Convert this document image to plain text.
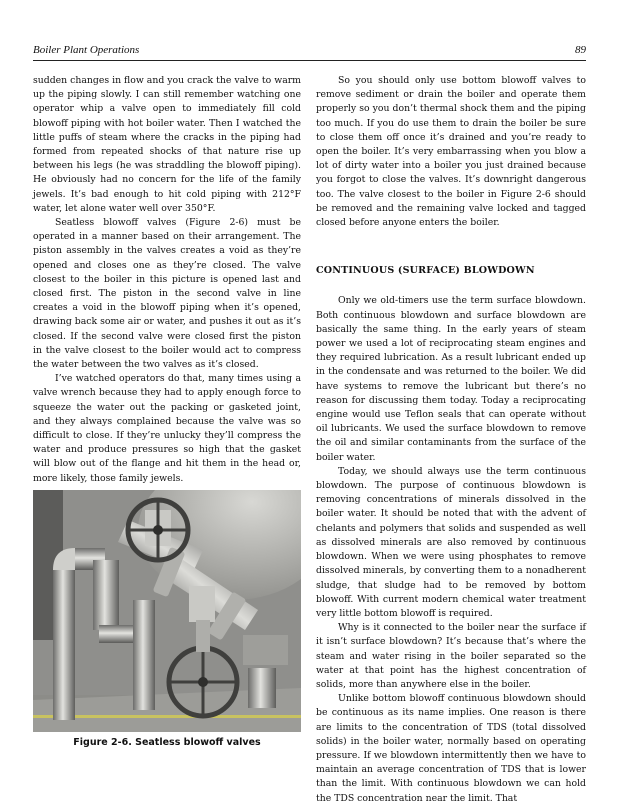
Boiler Plant Operations	89

sudden changes in flow and you crack the valve to warm up the piping slowly. I can still remember watching one operator whip a valve open to immediately fill cold blowoff piping with hot boiler water. Then I watched the little puffs of steam where the cracks in the piping had formed from repeated shocks of that nature rise up between his legs (he was straddling the blowoff piping). He obviously had no concern for the life of the family jewels. It’s bad enough to hit cold piping with 212°F water, let alone water well over 350°F.

Seatless blowoff valves (Figure 2-6) must be operated in a manner based on their arrangement. The piston assembly in the valves creates a void as they’re opened and closes one as they’re closed. The valve closest to the boiler in this picture is opened last and closed first. The piston in the second valve in line creates a void in the blowoff piping when it’s opened, drawing back some air or water, and pushes it out as it’s closed. If the second valve were closed first the piston in the valve closest to the boiler would act to compress the water between the two valves as it’s closed.

I’ve watched operators do that, many times using a valve wrench because they had to apply enough force to squeeze the water out the packing or gasketed joint, and they always complained because the valve was so difficult to close. If they’re unlucky they’ll compress the water and produce pressures so high that the gasket will blow out of the flange and hit them in the head or, more likely, those family jewels.

Figure 2-6. Seatless blowoff valves

So you should only use bottom blowoff valves to remove sediment or drain the boiler and operate them properly so you don’t thermal shock them and the piping too much. If you do use them to drain the boiler be sure to close them off once it’s drained and you’re ready to open the boiler. It’s very embarrassing when you blow a lot of dirty water into a boiler you just drained because you forgot to close the valves. It’s downright dangerous too. The valve closest to the boiler in Figure 2-6 should be removed and the remaining valve locked and tagged closed before anyone enters the boiler.

CONTINUOUS (SURFACE) BLOWDOWN

Only we old-timers use the term surface blowdown. Both continuous blowdown and surface blowdown are basically the same thing. In the early years of steam power we used a lot of reciprocating steam engines and they required lubrication. As a result lubricant ended up in the condensate and was returned to the boiler. We did have systems to remove the lubricant but there’s no reason for discussing them today. Today a reciprocating engine would use Teflon seals that can operate without oil lubricants. We used the surface blowdown to remove the oil and similar contaminants from the surface of the boiler water.

Today, we should always use the term continuous blowdown. The purpose of continuous blowdown is removing concentrations of minerals dissolved in the boiler water. It should be noted that with the advent of chelants and polymers that solids and suspended as well as dissolved minerals are also removed by continuous blowdown. When we were using phosphates to remove dissolved minerals, by converting them to a nonadherent sludge, that sludge had to be removed by bottom blowoff. With current modern chemical water treatment very little bottom blowoff is required.

Why is it connected to the boiler near the surface if it isn’t surface blowdown? It’s because that’s where the steam and water rising in the boiler separated so the water at that point has the highest concentration of solids, more than anywhere else in the boiler.

Unlike bottom blowoff continuous blowdown should be continuous as its name implies. One reason is there are limits to the concentration of TDS (total dissolved solids) in the boiler water, normally based on operating pressure. If we blowdown intermittently then we have to maintain an average concentration of TDS that is lower than the limit. With continuous blowdown we can hold the TDS concentration near the limit. That
